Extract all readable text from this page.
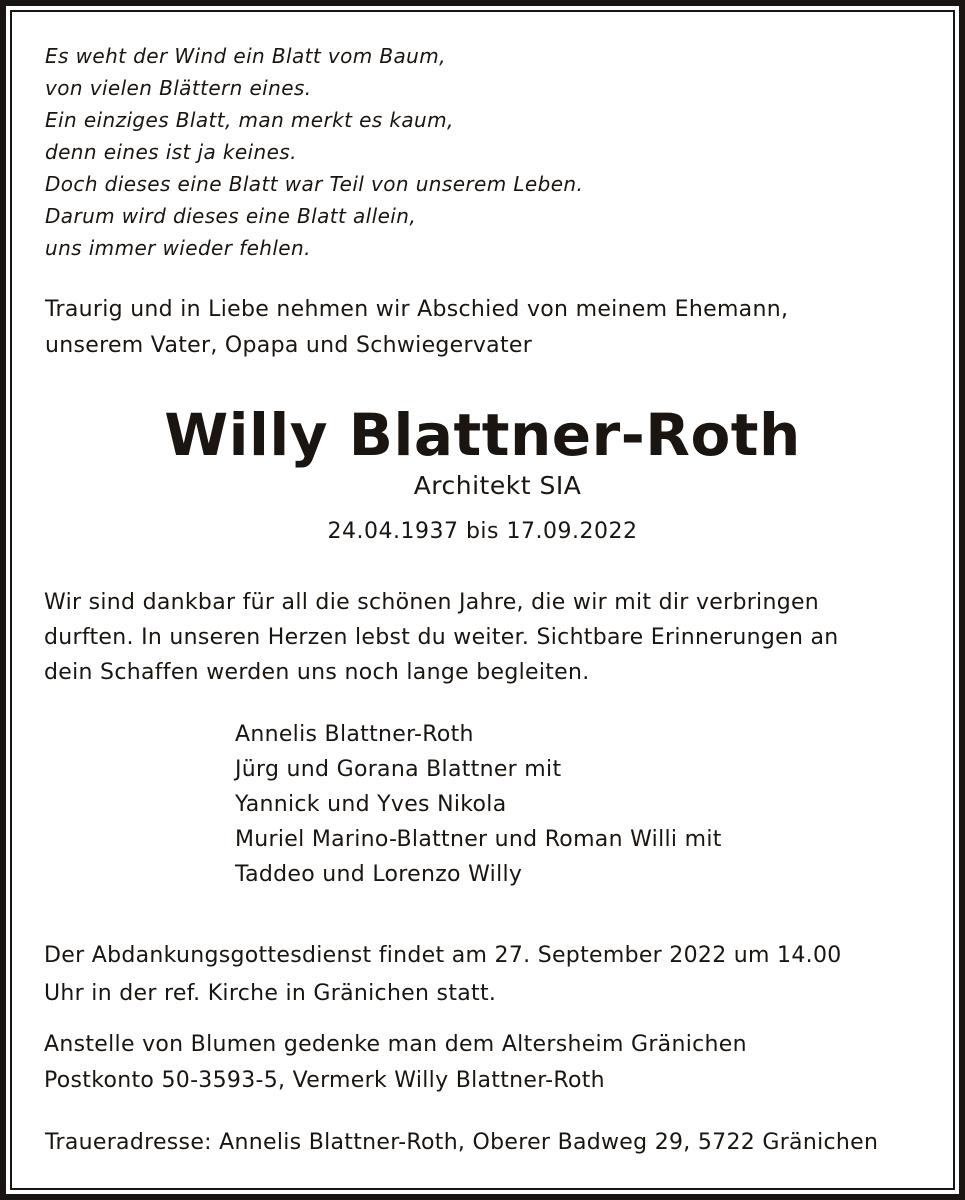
Es weht der Wind ein Blatt vom Baum,
von vielen Blättern eines.
Ein einziges Blatt, man merkt es kaum,
denn eines ist ja keines.
Doch dieses eine Blatt war Teil von unserem Leben.
Darum wird dieses eine Blatt allein,
uns immer wieder fehlen.
Traurig und in Liebe nehmen wir Abschied von meinem Ehemann,
unserem Vater, Opapa und Schwiegervater
Willy Blattner-Roth
Architekt SIA
24.04.1937 bis 17.09.2022
Wir sind dankbar für all die schönen Jahre, die wir mit dir verbringen
durften. In unseren Herzen lebst du weiter. Sichtbare Erinnerungen an
dein Schaffen werden uns noch lange begleiten.
Annelis Blattner-Roth
Jürg und Gorana Blattner mit
Yannick und Yves Nikola
Muriel Marino-Blattner und Roman Willi mit
Taddeo und Lorenzo Willy
Der Abdankungsgottesdienst findet am 27. September 2022 um 14.00
Uhr in der ref. Kirche in Gränichen statt.
Anstelle von Blumen gedenke man dem Altersheim Gränichen
Postkonto 50-3593-5, Vermerk Willy Blattner-Roth
Traueradresse: Annelis Blattner-Roth, Oberer Badweg 29, 5722 Gränichen
